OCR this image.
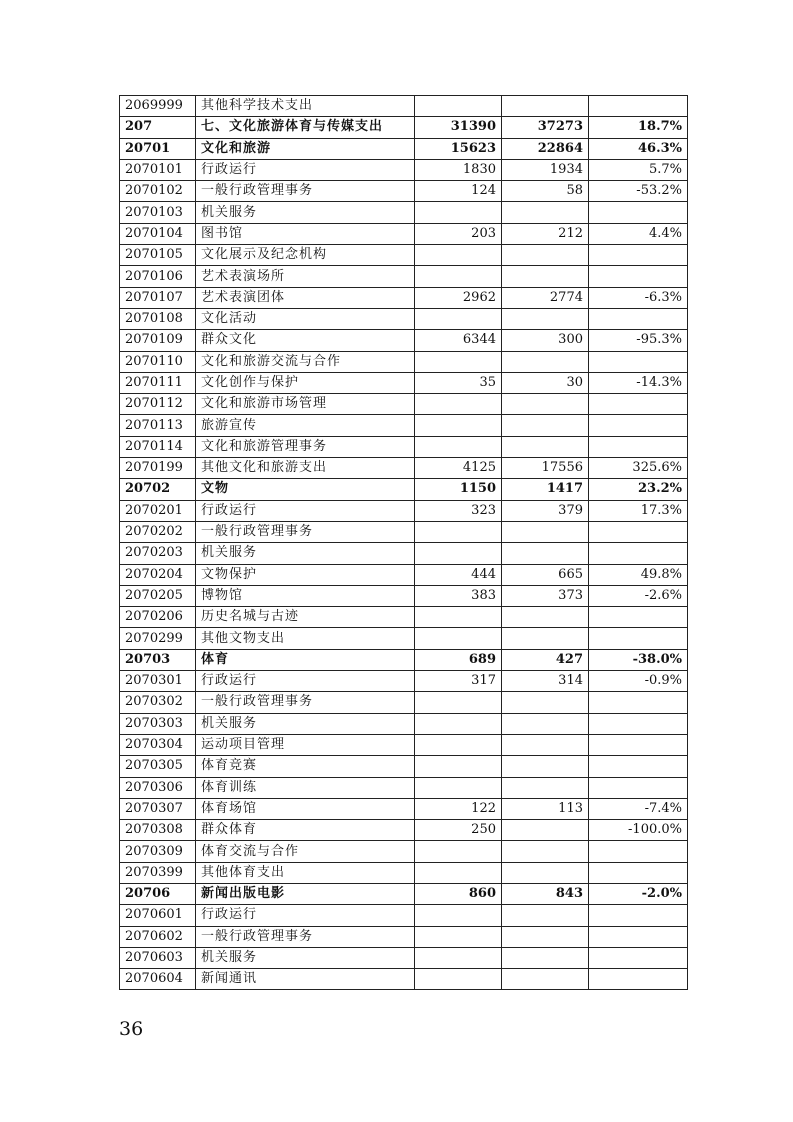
2069999	其他科学技术支出			
207	七、文化旅游体育与传媒支出	31390	37273	18.7%
20701	文化和旅游	15623	22864	46.3%
2070101	行政运行	1830	1934	5.7%
2070102	一般行政管理事务	124	58	-53.2%
2070103	机关服务			
2070104	图书馆	203	212	4.4%
2070105	文化展示及纪念机构			
2070106	艺术表演场所			
2070107	艺术表演团体	2962	2774	-6.3%
2070108	文化活动			
2070109	群众文化	6344	300	-95.3%
2070110	文化和旅游交流与合作			
2070111	文化创作与保护	35	30	-14.3%
2070112	文化和旅游市场管理			
2070113	旅游宣传			
2070114	文化和旅游管理事务			
2070199	其他文化和旅游支出	4125	17556	325.6%
20702	文物	1150	1417	23.2%
2070201	行政运行	323	379	17.3%
2070202	一般行政管理事务			
2070203	机关服务			
2070204	文物保护	444	665	49.8%
2070205	博物馆	383	373	-2.6%
2070206	历史名城与古迹			
2070299	其他文物支出			
20703	体育	689	427	-38.0%
2070301	行政运行	317	314	-0.9%
2070302	一般行政管理事务			
2070303	机关服务			
2070304	运动项目管理			
2070305	体育竞赛			
2070306	体育训练			
2070307	体育场馆	122	113	-7.4%
2070308	群众体育	250		-100.0%
2070309	体育交流与合作			
2070399	其他体育支出			
20706	新闻出版电影	860	843	-2.0%
2070601	行政运行			
2070602	一般行政管理事务			
2070603	机关服务			
2070604	新闻通讯			
36
